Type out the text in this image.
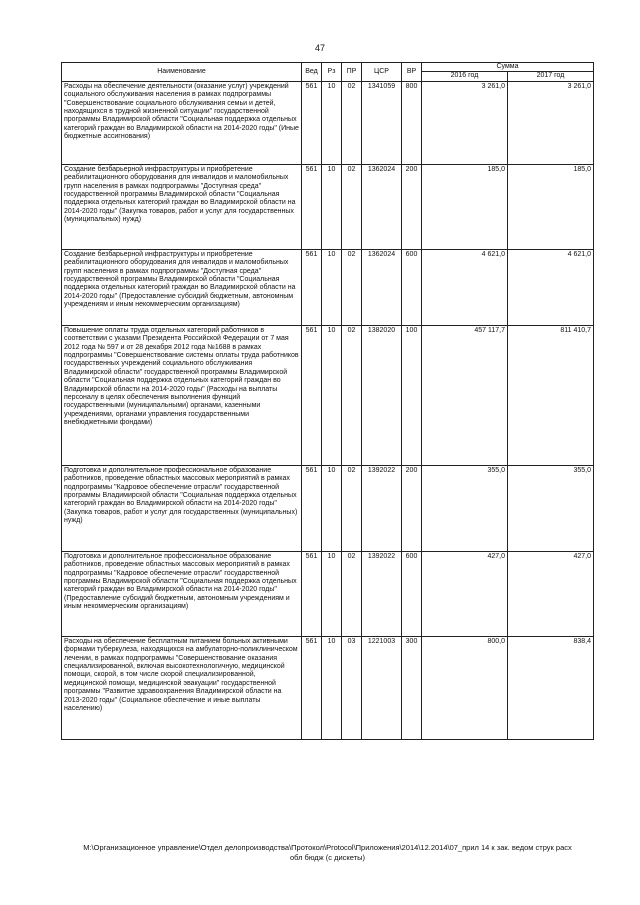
47
Наименование	Вед	Рз	ПР	ЦСР	ВР	Сумма	
						2016 год	2017 год
Расходы на обеспечение деятельности (оказание услуг) учреждений социального обслуживания населения в рамках подпрограммы "Совершенствование социального обслуживания семьи и детей, находящихся в трудной жизненной ситуации" государственной программы Владимирской области "Социальная поддержка отдельных категорий граждан во Владимирской области на 2014-2020 годы" (Иные бюджетные ассигнования)	561	10	02	1341059	800	3 261,0	3 261,0
Создание безбарьерной инфраструктуры и приобретение реабилитационного оборудования для инвалидов и маломобильных групп населения в рамках подпрограммы "Доступная среда" государственной программы Владимирской области "Социальная поддержка отдельных категорий граждан во Владимирской области на 2014-2020 годы" (Закупка товаров, работ и услуг для государственных (муниципальных) нужд)	561	10	02	1362024	200	185,0	185,0
Создание безбарьерной инфраструктуры и приобретение реабилитационного оборудования для инвалидов и маломобильных групп населения в рамках подпрограммы "Доступная среда" государственной программы Владимирской области "Социальная поддержка отдельных категорий граждан во Владимирской области на 2014-2020 годы" (Предоставление субсидий бюджетным, автономным учреждениям и иным некоммерческим организациям)	561	10	02	1362024	600	4 621,0	4 621,0
Повышение оплаты труда отдельных категорий работников в соответствии с указами Президента Российской Федерации от 7 мая 2012 года № 597 и от 28 декабря 2012 года №1688 в рамках подпрограммы "Совершенствование системы оплаты труда работников государственных учреждений социального обслуживания Владимирской области" государственной программы Владимирской области "Социальная поддержка отдельных категорий граждан во Владимирской области на 2014-2020 годы" (Расходы на выплаты персоналу в целях обеспечения выполнения функций государственными (муниципальными) органами, казенными учреждениями, органами управления государственными внебюджетными фондами)	561	10	02	1382020	100	457 117,7	811 410,7
Подготовка и дополнительное профессиональное образование работников, проведение областных массовых мероприятий в рамках подпрограммы "Кадровое обеспечение отрасли" государственной программы Владимирской области "Социальная поддержка отдельных категорий граждан во Владимирской области на 2014-2020 годы" (Закупка товаров, работ и услуг для государственных (муниципальных) нужд)	561	10	02	1392022	200	355,0	355,0
Подготовка и дополнительное профессиональное образование работников, проведение областных массовых мероприятий в рамках подпрограммы "Кадровое обеспечение отрасли" государственной программы Владимирской области "Социальная поддержка отдельных категорий граждан во Владимирской области на 2014-2020 годы" (Предоставление субсидий бюджетным, автономным учреждениям и иным некоммерческим организациям)	561	10	02	1392022	600	427,0	427,0
Расходы на обеспечение бесплатным питанием больных активными формами туберкулеза, находящихся на амбулаторно-поликлиническом лечении, в рамках подпрограммы "Совершенствование оказания специализированной, включая высокотехнологичную, медицинской помощи, скорой, в том числе скорой специализированной, медицинской помощи, медицинской эвакуации" государственной программы "Развитие здравоохранения Владимирской области на 2013-2020 годы" (Социальное обеспечение и иные выплаты населению)	561	10	03	1221003	300	800,0	838,4
M:\Организационное управление\Отдел делопроизводства\Протокол\Protocol\Приложения\2014\12.2014\07_прил 14 к зак. ведом струк расх
обл бюдж (с дискеты)
